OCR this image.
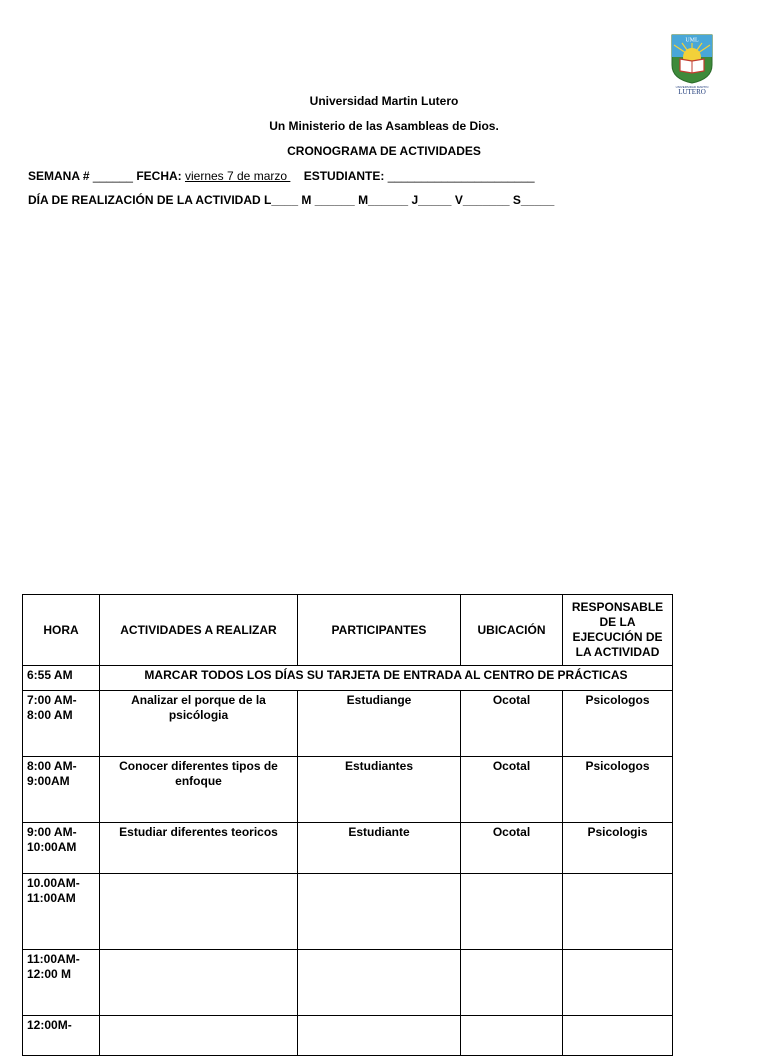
UML
UNIVERSIDAD MARTIN
LUTERO
Universidad Martin Lutero
Un Ministerio de las Asambleas de Dios.
CRONOGRAMA DE ACTIVIDADES
SEMANA # ______ FECHA: viernes 7 de marzo     ESTUDIANTE: ______________________
DÍA DE REALIZACIÓN DE LA ACTIVIDAD L____ M ______ M______ J_____ V_______ S_____
HORA	ACTIVIDADES A REALIZAR	PARTICIPANTES	UBICACIÓN	RESPONSABLE DE LA EJECUCIÓN DE LA ACTIVIDAD
6:55 AM	MARCAR TODOS LOS DÍAS SU TARJETA DE ENTRADA AL CENTRO DE PRÁCTICAS			
7:00 AM- 8:00 AM	Analizar el porque de la psicólogia	Estudiange	Ocotal	Psicologos
8:00 AM- 9:00AM	Conocer diferentes tipos de enfoque	Estudiantes	Ocotal	Psicologos
9:00 AM- 10:00AM	Estudiar diferentes teoricos	Estudiante	Ocotal	Psicologis
10.00AM- 11:00AM				
11:00AM- 12:00 M				
12:00M-				
